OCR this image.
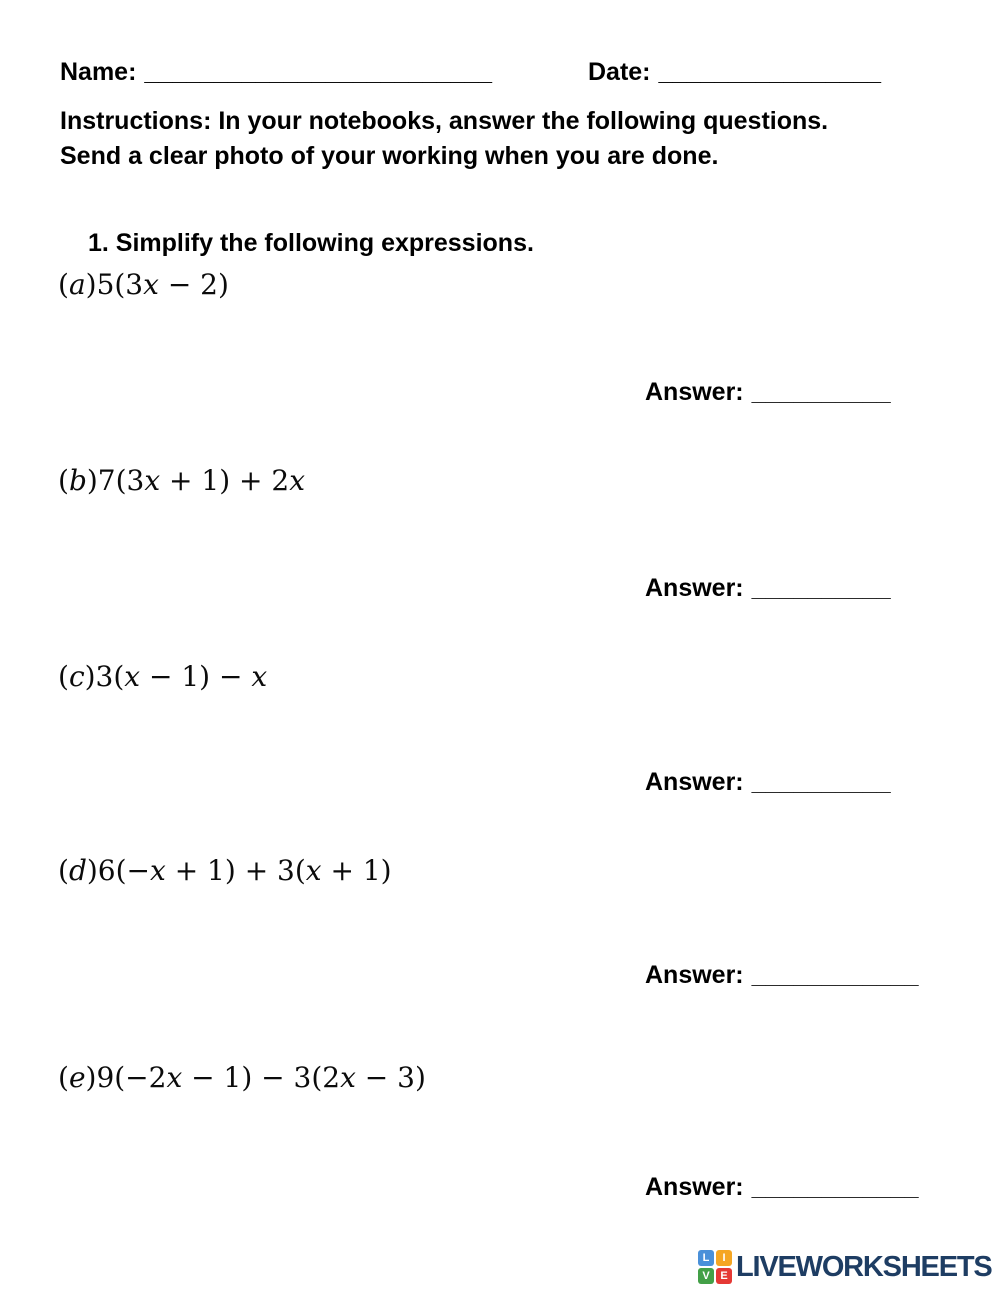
Name: _________________________	Date: ________________
Instructions: In your notebooks, answer the following questions.
Send a clear photo of your working when you are done.
1. Simplify the following expressions.
(a)5(3x − 2)
Answer: __________
(b)7(3x + 1) + 2x
Answer: __________
(c)3(x − 1) − x
Answer: __________
(d)6(−x + 1) + 3(x + 1)
Answer: ____________
(e)9(−2x − 1) − 3(2x − 3)
Answer: ____________
L	I
V E LIVEWORKSHEETS
